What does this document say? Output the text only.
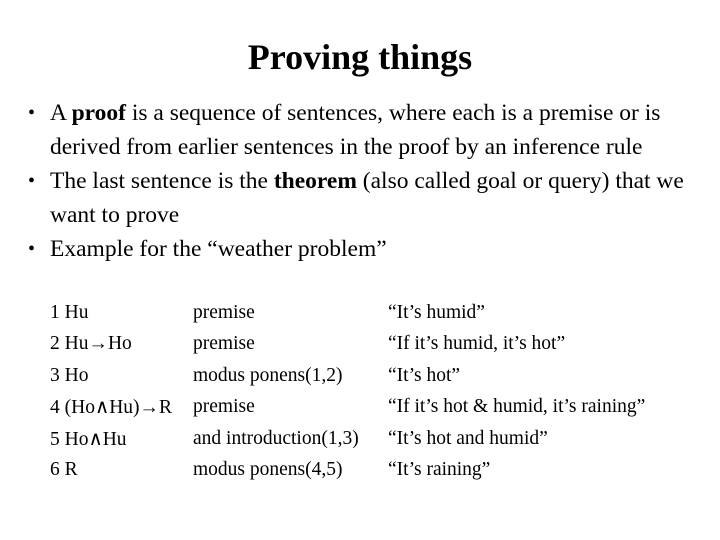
Proving things
• A proof is a sequence of sentences, where each is a premise or is derived from earlier sentences in the proof by an inference rule
• The last sentence is the theorem (also called goal or query) that we want to prove
• Example for the “weather problem”
1 Hu	premise	“It’s humid”
2 Hu→Ho	premise	“If it’s humid, it’s hot”
3 Ho	modus ponens(1,2)	“It’s hot”
4 (Ho∧Hu)→R	premise	“If it’s hot & humid, it’s raining”
5 Ho∧Hu	and introduction(1,3)	“It’s hot and humid”
6 R	modus ponens(4,5)	“It’s raining”
